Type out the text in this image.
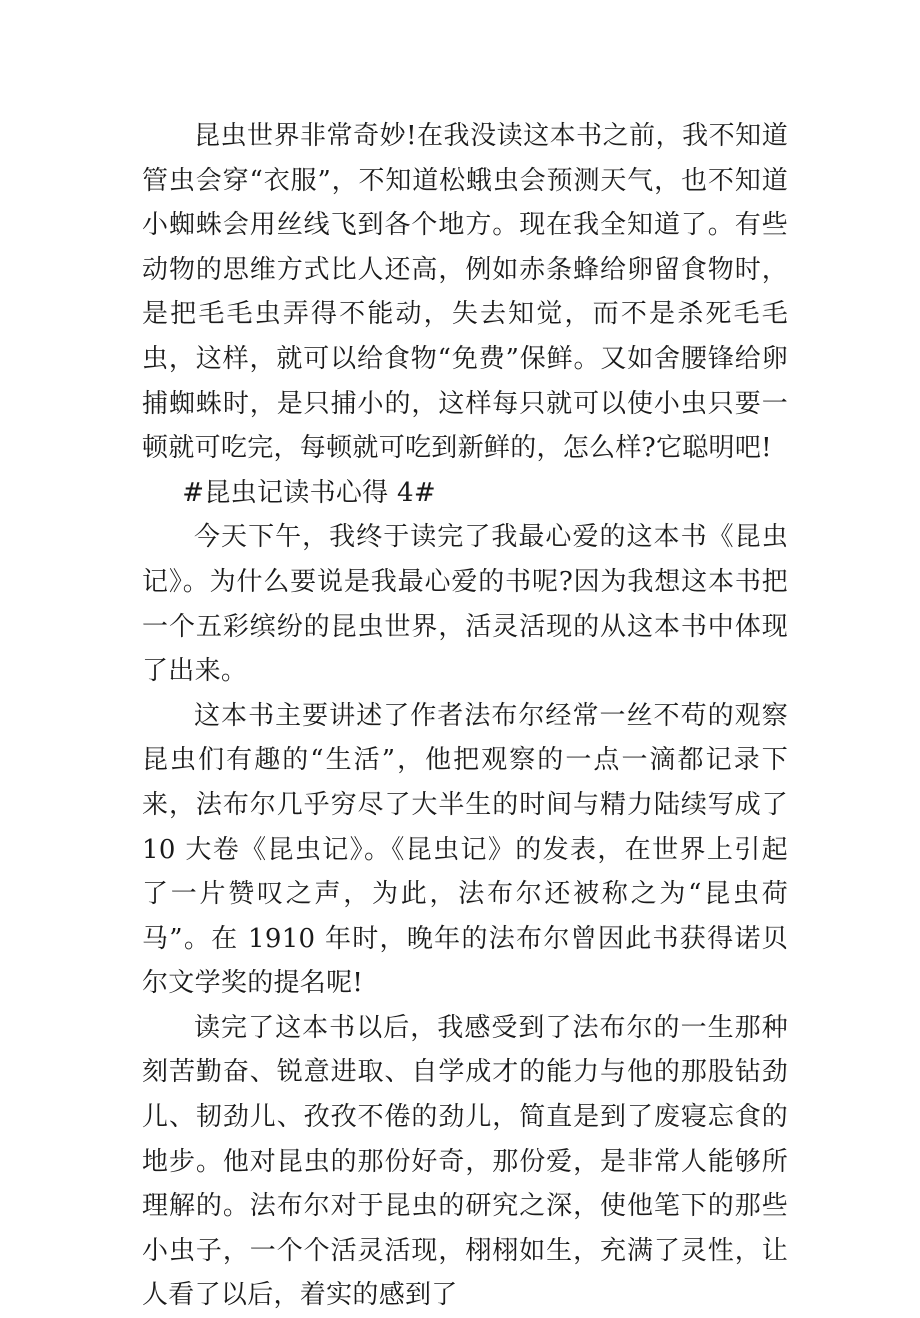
昆虫世界非常奇妙!在我没读这本书之前，我不知道管虫会穿“衣服”，不知道松蛾虫会预测天气，也不知道小蜘蛛会用丝线飞到各个地方。现在我全知道了。有些动物的思维方式比人还高，例如赤条蜂给卵留食物时，是把毛毛虫弄得不能动，失去知觉，而不是杀死毛毛虫，这样，就可以给食物“免费”保鲜。又如舍腰锋给卵捕蜘蛛时，是只捕小的，这样每只就可以使小虫只要一顿就可吃完，每顿就可吃到新鲜的，怎么样?它聪明吧!

#昆虫记读书心得 4#

今天下午，我终于读完了我最心爱的这本书《昆虫记》。为什么要说是我最心爱的书呢?因为我想这本书把一个五彩缤纷的昆虫世界，活灵活现的从这本书中体现了出来。

这本书主要讲述了作者法布尔经常一丝不苟的观察昆虫们有趣的“生活”，他把观察的一点一滴都记录下来，法布尔几乎穷尽了大半生的时间与精力陆续写成了 10 大卷《昆虫记》。《昆虫记》的发表，在世界上引起了一片赞叹之声，为此，法布尔还被称之为“昆虫荷马”。在 1910 年时，晚年的法布尔曾因此书获得诺贝尔文学奖的提名呢!

读完了这本书以后，我感受到了法布尔的一生那种刻苦勤奋、锐意进取、自学成才的能力与他的那股钻劲儿、韧劲儿、孜孜不倦的劲儿，简直是到了废寝忘食的地步。他对昆虫的那份好奇，那份爱，是非常人能够所理解的。法布尔对于昆虫的研究之深，使他笔下的那些小虫子，一个个活灵活现，栩栩如生，充满了灵性，让人看了以后，着实的感到了
